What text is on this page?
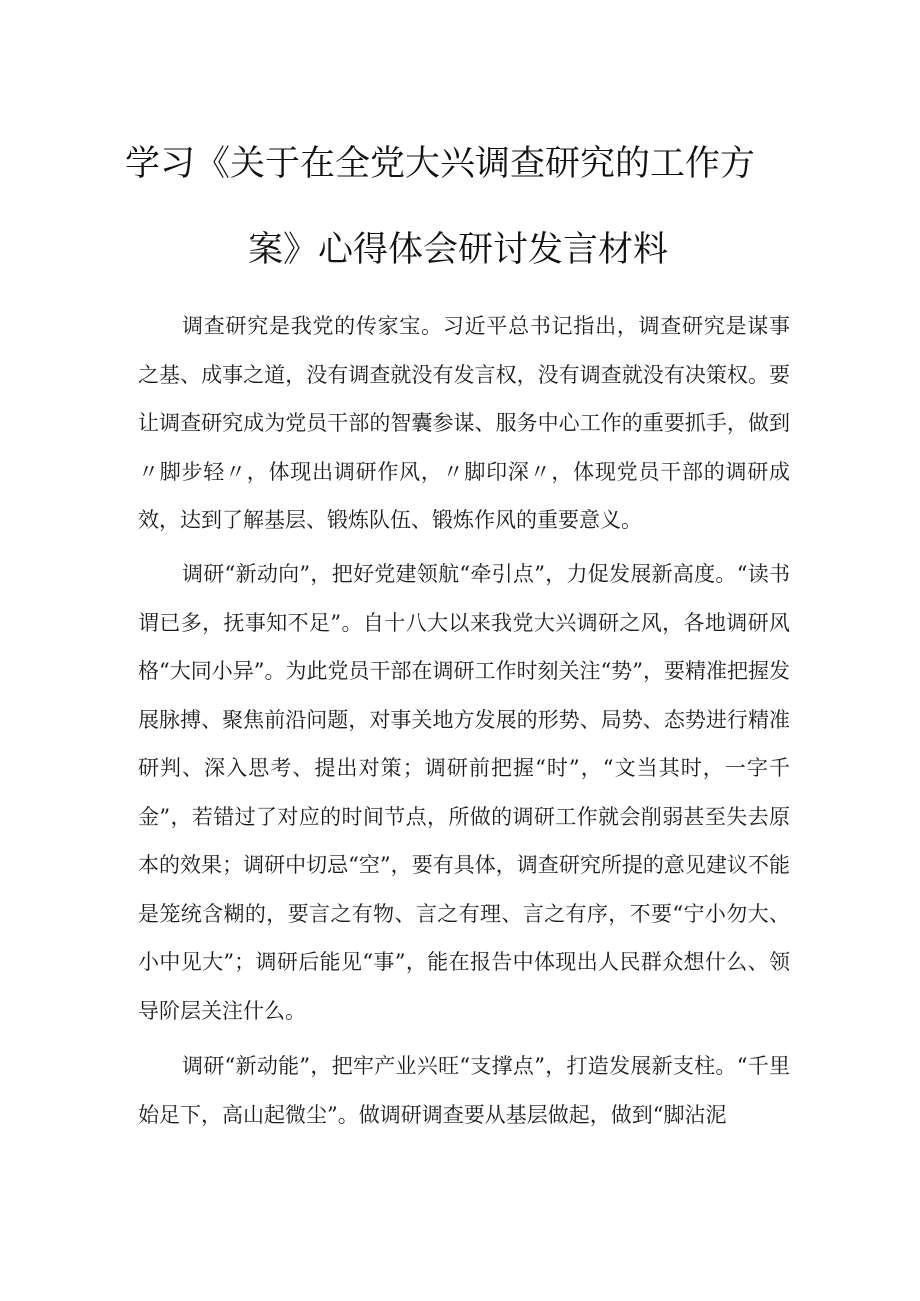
学习《关于在全党大兴调查研究的工作方
案》心得体会研讨发言材料

调查研究是我党的传家宝。习近平总书记指出，调查研究是谋事之基、成事之道，没有调查就没有发言权，没有调查就没有决策权。要让调查研究成为党员干部的智囊参谋、服务中心工作的重要抓手，做到〃脚步轻〃，体现出调研作风，〃脚印深〃，体现党员干部的调研成效，达到了解基层、锻炼队伍、锻炼作风的重要意义。

调研“新动向”，把好党建领航“牵引点”，力促发展新高度。“读书谓已多，抚事知不足”。自十八大以来我党大兴调研之风，各地调研风格“大同小异”。为此党员干部在调研工作时刻关注“势”，要精准把握发展脉搏、聚焦前沿问题，对事关地方发展的形势、局势、态势进行精准研判、深入思考、提出对策；调研前把握“时”，“文当其时，一字千金”，若错过了对应的时间节点，所做的调研工作就会削弱甚至失去原本的效果；调研中切忌“空”，要有具体，调查研究所提的意见建议不能是笼统含糊的，要言之有物、言之有理、言之有序，不要“宁小勿大、小中见大”；调研后能见“事”，能在报告中体现出人民群众想什么、领导阶层关注什么。

调研“新动能”，把牢产业兴旺“支撑点”，打造发展新支柱。“千里始足下，高山起微尘”。做调研调查要从基层做起，做到“脚沾泥
